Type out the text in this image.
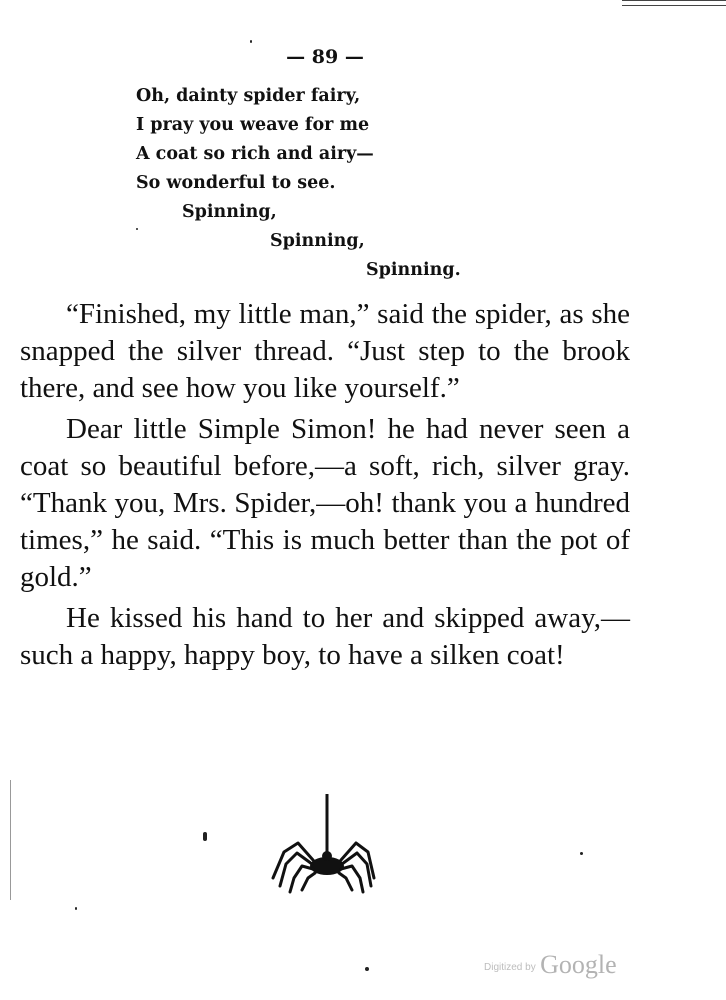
— 89 —
Oh, dainty spider fairy,
I pray you weave for me
A coat so rich and airy—
So wonderful to see.
Spinning,
Spinning,
Spinning.

“Finished, my little man,” said the spider, as she snapped the silver thread. “Just step to the brook there, and see how you like yourself.”

Dear little Simple Simon! he had never seen a coat so beautiful before,—a soft, rich, silver gray. “Thank you, Mrs. Spider,—oh! thank you a hundred times,” he said. “This is much better than the pot of gold.”

He kissed his hand to her and skipped away,—such a happy, happy boy, to have a silken coat!

Digitized by Google
